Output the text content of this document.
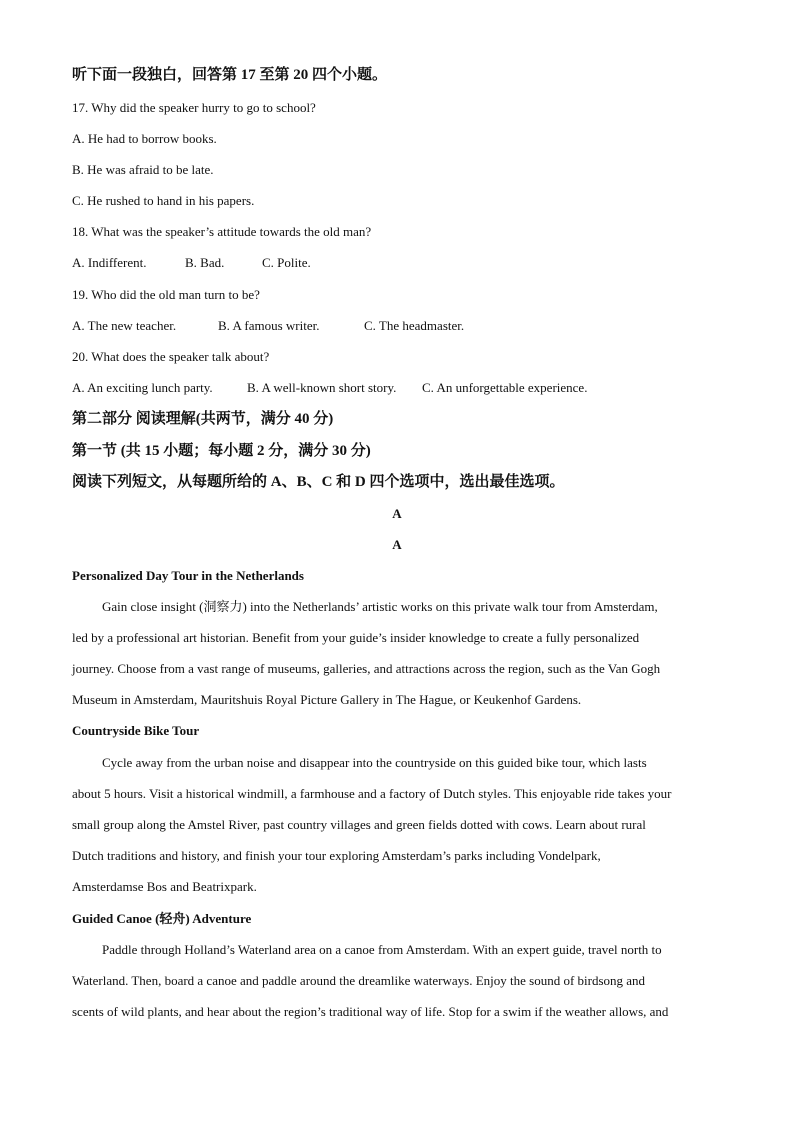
听下面一段独白，回答第 17 至第 20 四个小题。
17. Why did the speaker hurry to go to school?
A. He had to borrow books.
B. He was afraid to be late.
C. He rushed to hand in his papers.
18. What was the speaker’s attitude towards the old man?
A. Indifferent.	B. Bad.	C. Polite.
19. Who did the old man turn to be?
A. The new teacher.	B. A famous writer.	C. The headmaster.
20. What does the speaker talk about?
A. An exciting lunch party.	B. A well-known short story. C. An unforgettable experience.
第二部分 阅读理解(共两节，满分 40 分)
第一节 (共 15 小题；每小题 2 分，满分 30 分)
阅读下列短文，从每题所给的 A、B、C 和 D 四个选项中，选出最佳选项。
A
A
Personalized Day Tour in the Netherlands
Gain close insight (洞察力) into the Netherlands’ artistic works on this private walk tour from Amsterdam,
led by a professional art historian. Benefit from your guide’s insider knowledge to create a fully personalized
journey. Choose from a vast range of museums, galleries, and attractions across the region, such as the Van Gogh
Museum in Amsterdam, Mauritshuis Royal Picture Gallery in The Hague, or Keukenhof Gardens.
Countryside Bike Tour
Cycle away from the urban noise and disappear into the countryside on this guided bike tour, which lasts
about 5 hours. Visit a historical windmill, a farmhouse and a factory of Dutch styles. This enjoyable ride takes your
small group along the Amstel River, past country villages and green fields dotted with cows. Learn about rural
Dutch traditions and history, and finish your tour exploring Amsterdam’s parks including Vondelpark,
Amsterdamse Bos and Beatrixpark.
Guided Canoe (轻舟) Adventure
Paddle through Holland’s Waterland area on a canoe from Amsterdam. With an expert guide, travel north to
Waterland. Then, board a canoe and paddle around the dreamlike waterways. Enjoy the sound of birdsong and
scents of wild plants, and hear about the region’s traditional way of life. Stop for a swim if the weather allows, and
